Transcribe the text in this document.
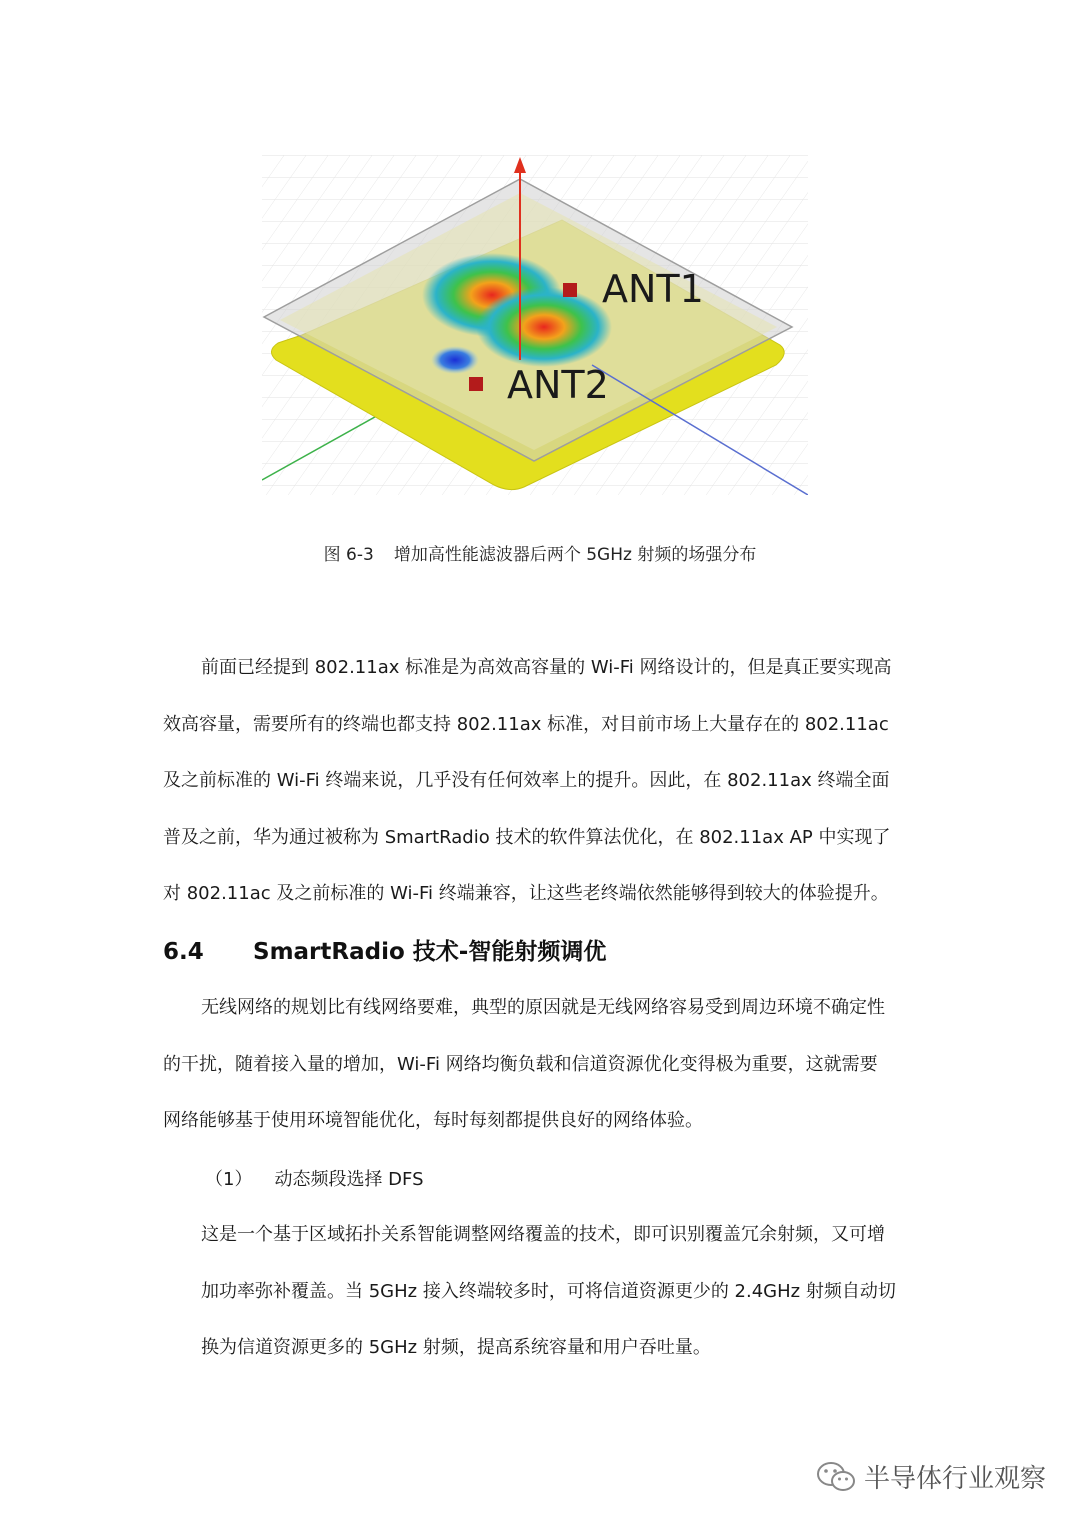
ANT1
ANT2
图 6-3 增加高性能滤波器后两个 5GHz 射频的场强分布
前面已经提到 802.11ax 标准是为高效高容量的 Wi-Fi 网络设计的，但是真正要实现高
效高容量，需要所有的终端也都支持 802.11ax 标准，对目前市场上大量存在的 802.11ac
及之前标准的 Wi-Fi 终端来说，几乎没有任何效率上的提升。因此，在 802.11ax 终端全面
普及之前，华为通过被称为 SmartRadio 技术的软件算法优化，在 802.11ax AP 中实现了
对 802.11ac 及之前标准的 Wi-Fi 终端兼容，让这些老终端依然能够得到较大的体验提升。
6.4 SmartRadio 技术-智能射频调优
无线网络的规划比有线网络要难，典型的原因就是无线网络容易受到周边环境不确定性
的干扰，随着接入量的增加，Wi-Fi 网络均衡负载和信道资源优化变得极为重要，这就需要
网络能够基于使用环境智能优化，每时每刻都提供良好的网络体验。
（1） 动态频段选择 DFS
这是一个基于区域拓扑关系智能调整网络覆盖的技术，即可识别覆盖冗余射频，又可增
加功率弥补覆盖。当 5GHz 接入终端较多时，可将信道资源更少的 2.4GHz 射频自动切
换为信道资源更多的 5GHz 射频，提高系统容量和用户吞吐量。
半导体行业观察
